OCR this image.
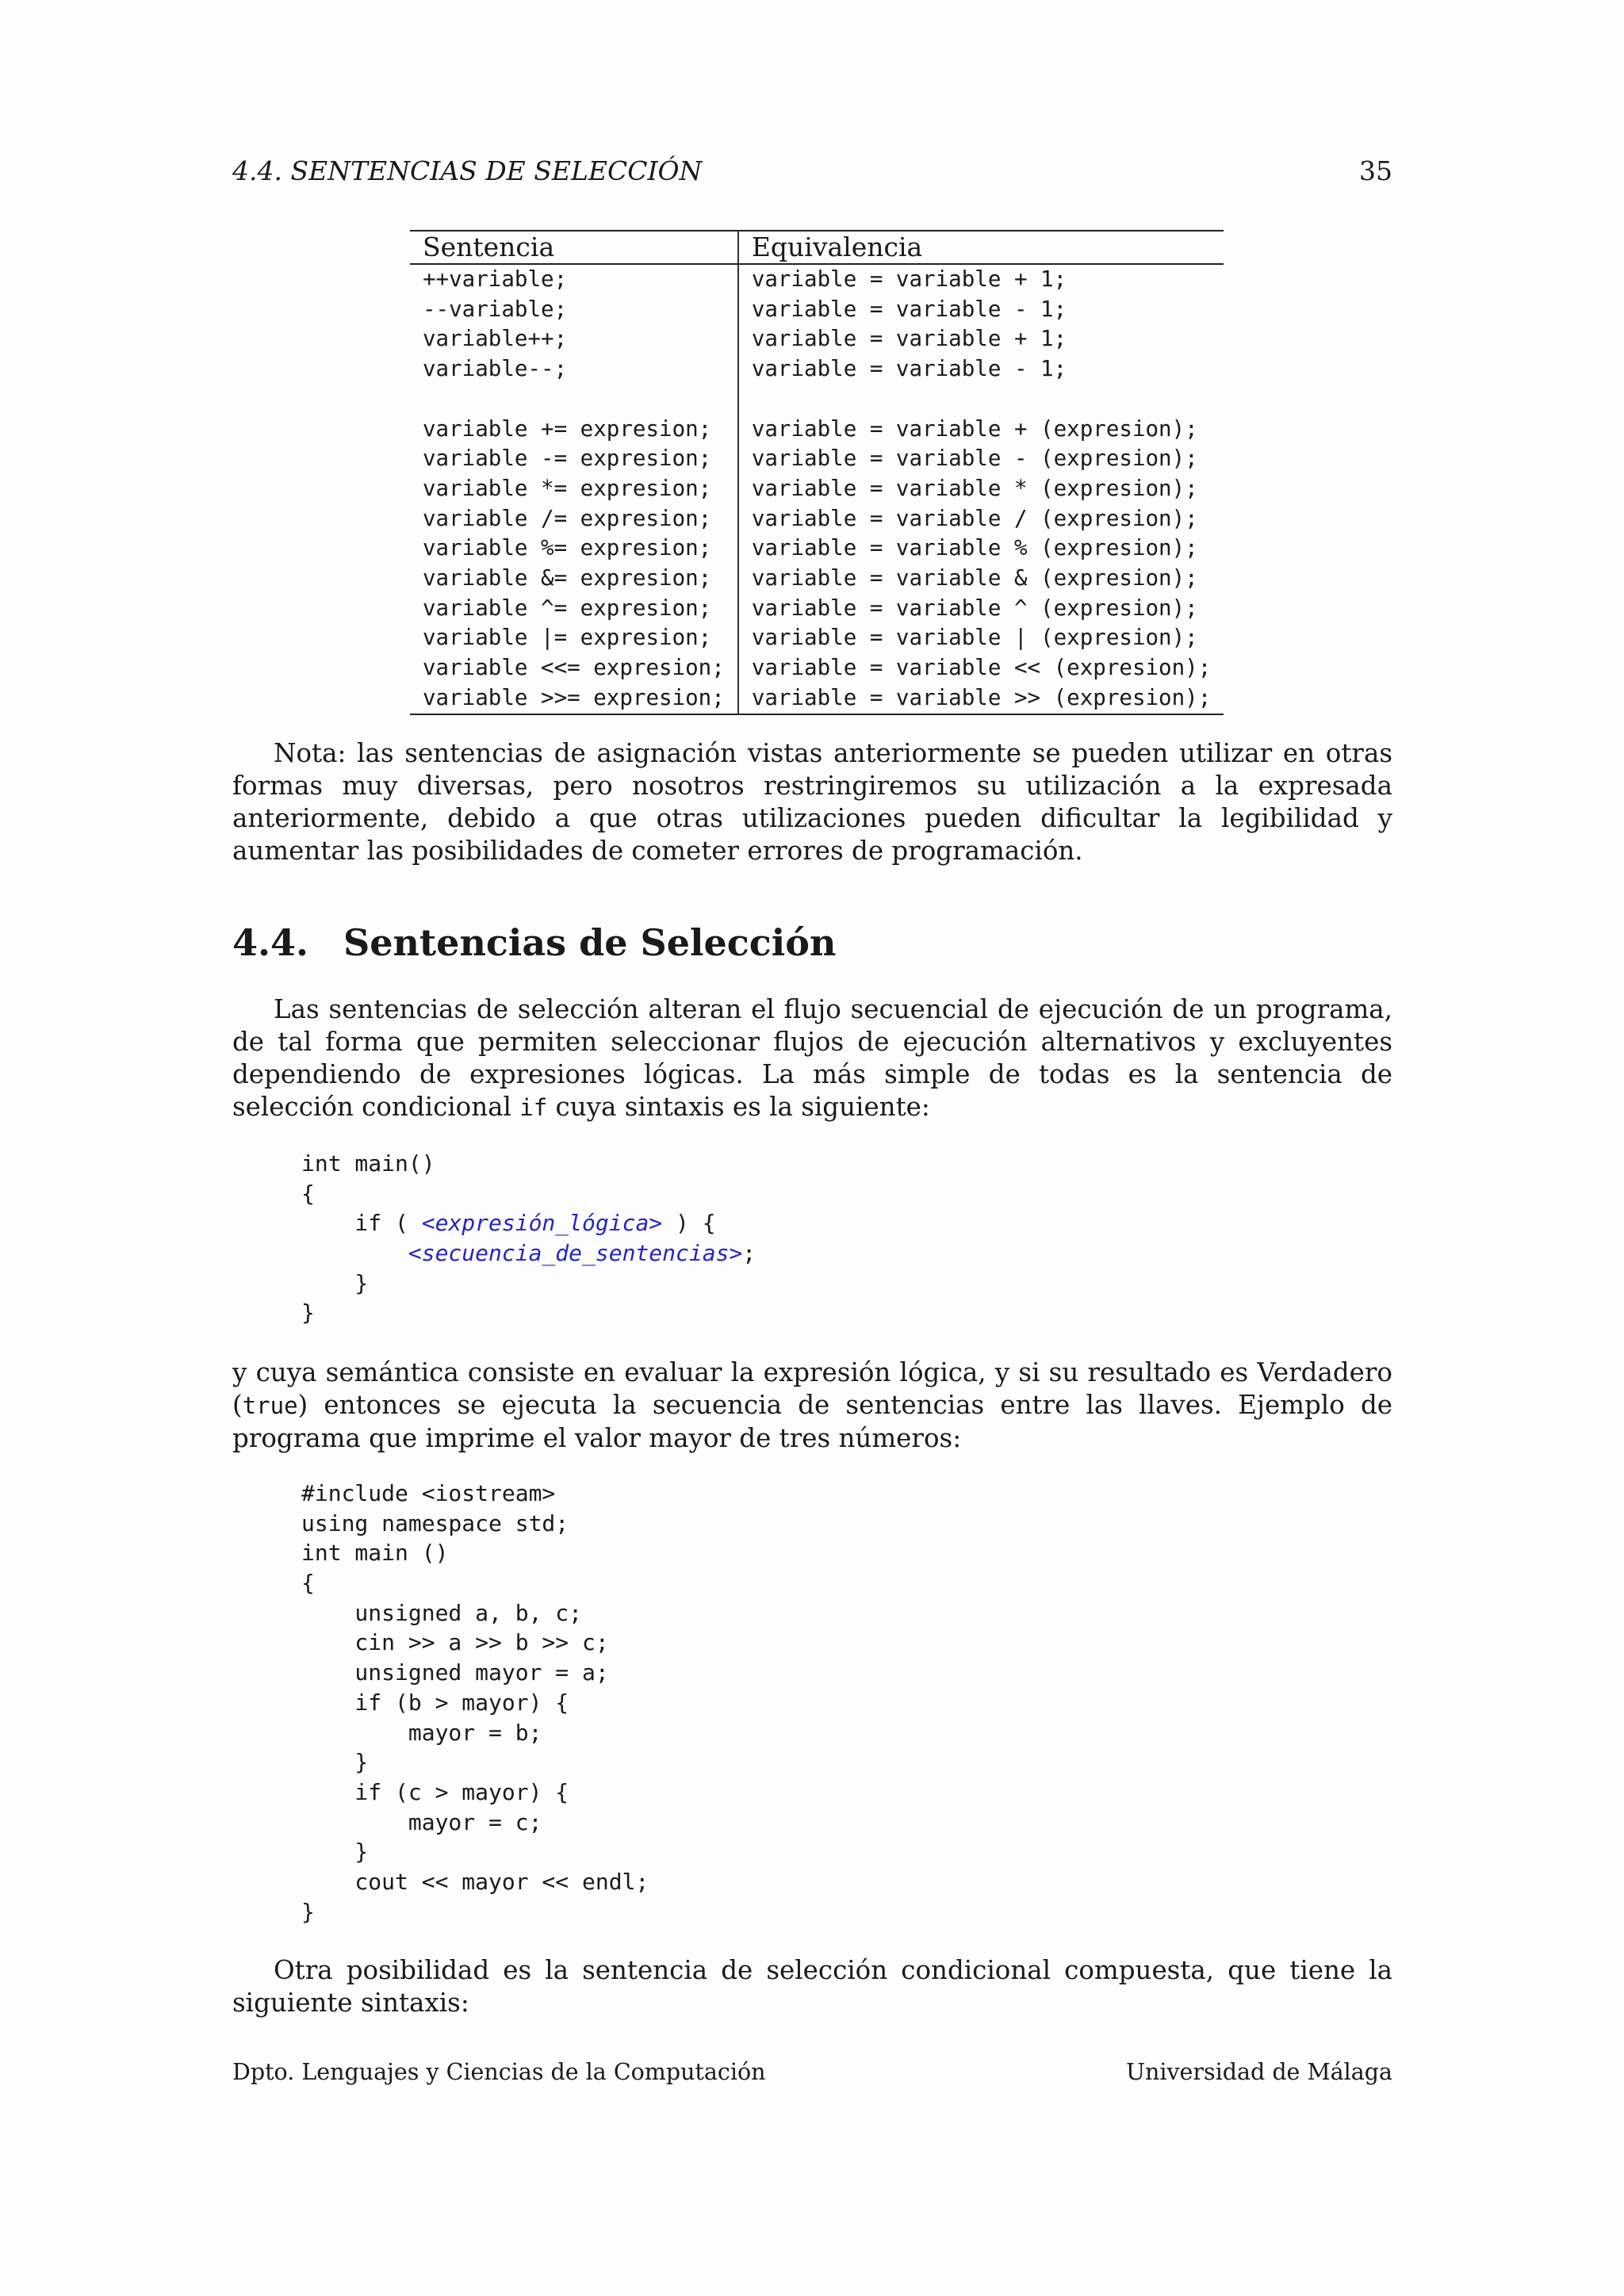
4.4. SENTENCIAS DE SELECCIÓN	35
Sentencia	Equivalencia
++variable;	variable = variable + 1;
--variable;	variable = variable - 1;
variable++;	variable = variable + 1;
variable--;	variable = variable - 1;

variable += expresion;	variable = variable + (expresion);
variable -= expresion;	variable = variable - (expresion);
variable *= expresion;	variable = variable * (expresion);
variable /= expresion;	variable = variable / (expresion);
variable %= expresion;	variable = variable % (expresion);
variable &= expresion;	variable = variable & (expresion);
variable ^= expresion;	variable = variable ^ (expresion);
variable |= expresion;	variable = variable | (expresion);
variable <<= expresion;	variable = variable << (expresion);
variable >>= expresion;	variable = variable >> (expresion);

Nota: las sentencias de asignación vistas anteriormente se pueden utilizar en otras formas muy diversas, pero nosotros restringiremos su utilización a la expresada anteriormente, debido a que otras utilizaciones pueden dificultar la legibilidad y aumentar las posibilidades de cometer errores de programación.

4.4. Sentencias de Selección

Las sentencias de selección alteran el flujo secuencial de ejecución de un programa, de tal forma que permiten seleccionar flujos de ejecución alternativos y excluyentes dependiendo de expresiones lógicas. La más simple de todas es la sentencia de selección condicional if cuya sintaxis es la siguiente:

int main()
{
if ( <expresión_lógica> ) {
<secuencia_de_sentencias>;
}
}

y cuya semántica consiste en evaluar la expresión lógica, y si su resultado es Verdadero (true) entonces se ejecuta la secuencia de sentencias entre las llaves. Ejemplo de programa que imprime el valor mayor de tres números:

#include <iostream>
using namespace std;
int main ()
{
unsigned a, b, c;
cin >> a >> b >> c;
unsigned mayor = a;
if (b > mayor) {
mayor = b;
}
if (c > mayor) {
mayor = c;
}
cout << mayor << endl;
}

Otra posibilidad es la sentencia de selección condicional compuesta, que tiene la siguiente sintaxis:

Dpto. Lenguajes y Ciencias de la Computación	Universidad de Málaga
